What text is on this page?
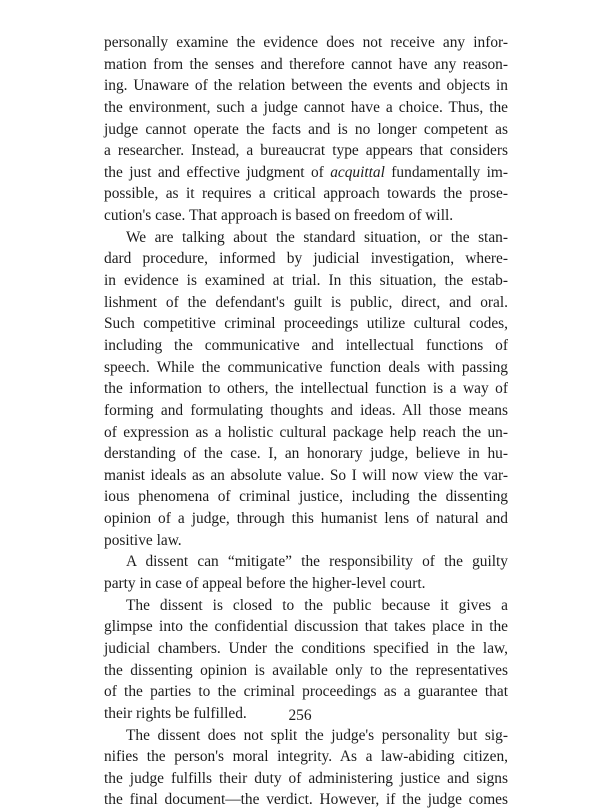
personally examine the evidence does not receive any infor-
mation from the senses and therefore cannot have any reason-
ing. Unaware of the relation between the events and objects in
the environment, such a judge cannot have a choice. Thus, the
judge cannot operate the facts and is no longer competent as
a researcher. Instead, a bureaucrat type appears that considers
the just and effective judgment of acquittal fundamentally im-
possible, as it requires a critical approach towards the prose-
cution's case. That approach is based on freedom of will.
We are talking about the standard situation, or the stan-
dard procedure, informed by judicial investigation, where-
in evidence is examined at trial. In this situation, the estab-
lishment of the defendant's guilt is public, direct, and oral.
Such competitive criminal proceedings utilize cultural codes,
including the communicative and intellectual functions of
speech. While the communicative function deals with passing
the information to others, the intellectual function is a way of
forming and formulating thoughts and ideas. All those means
of expression as a holistic cultural package help reach the un-
derstanding of the case. I, an honorary judge, believe in hu-
manist ideals as an absolute value. So I will now view the var-
ious phenomena of criminal justice, including the dissenting
opinion of a judge, through this humanist lens of natural and
positive law.
A dissent can “mitigate” the responsibility of the guilty
party in case of appeal before the higher-level court.
The dissent is closed to the public because it gives a
glimpse into the confidential discussion that takes place in the
judicial chambers. Under the conditions specified in the law,
the dissenting opinion is available only to the representatives
of the parties to the criminal proceedings as a guarantee that
their rights be fulfilled.
The dissent does not split the judge's personality but sig-
nifies the person's moral integrity. As a law-abiding citizen,
the judge fulfills their duty of administering justice and signs
the final document—the verdict. However, if the judge comes
256
